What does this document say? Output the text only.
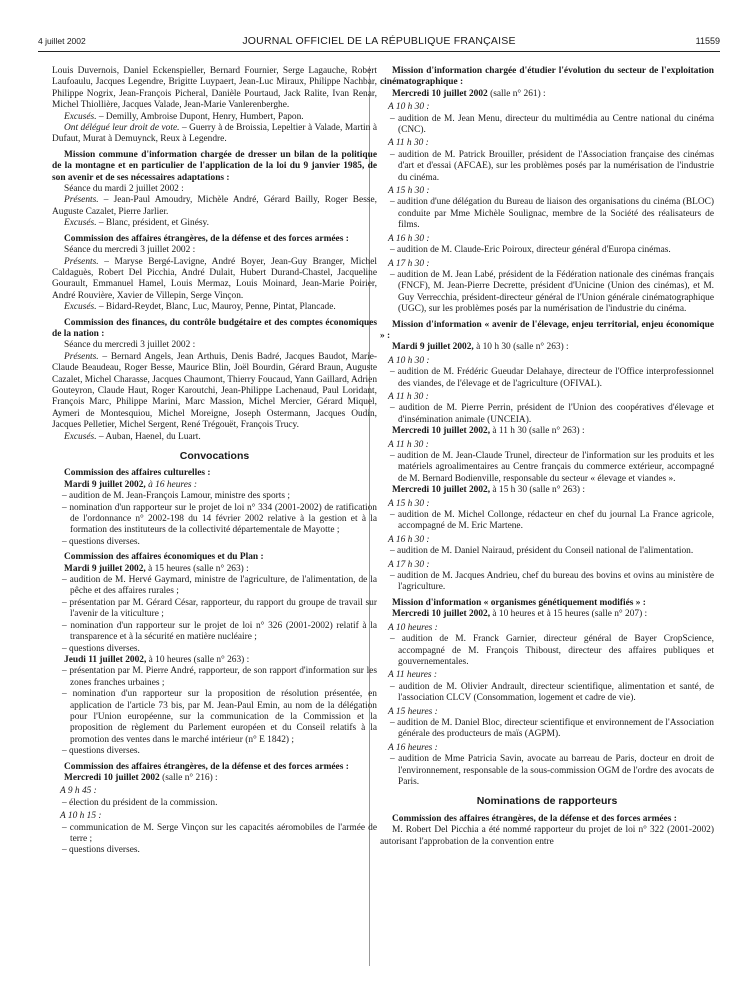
4 juillet 2002	JOURNAL OFFICIEL DE LA RÉPUBLIQUE FRANÇAISE	11559

Louis Duvernois, Daniel Eckenspieller, Bernard Fournier, Serge Lagauche, Robert Laufoaulu, Jacques Legendre, Brigitte Luypaert, Jean-Luc Miraux, Philippe Nachbar, Philippe Nogrix, Jean-François Picheral, Danièle Pourtaud, Jack Ralite, Ivan Renar, Michel Thiollière, Jacques Valade, Jean-Marie Vanlerenberghe.

Excusés. – Demilly, Ambroise Dupont, Henry, Humbert, Papon.

Ont délégué leur droit de vote. – Guerry à de Broissia, Lepeltier à Valade, Martin à Dufaut, Murat à Demuynck, Reux à Legendre.

Mission commune d'information chargée de dresser un bilan de la politique de la montagne et en particulier de l'application de la loi du 9 janvier 1985, de son avenir et de ses nécessaires adaptations :

Séance du mardi 2 juillet 2002 :

Présents. – Jean-Paul Amoudry, Michèle André, Gérard Bailly, Roger Besse, Auguste Cazalet, Pierre Jarlier.

Excusés. – Blanc, président, et Ginésy.

Commission des affaires étrangères, de la défense et des forces armées :

Séance du mercredi 3 juillet 2002 :

Présents. – Maryse Bergé-Lavigne, André Boyer, Jean-Guy Branger, Michel Caldaguès, Robert Del Picchia, André Dulait, Hubert Durand-Chastel, Jacqueline Gourault, Emmanuel Hamel, Louis Mermaz, Louis Moinard, Jean-Marie Poirier, André Rouvière, Xavier de Villepin, Serge Vinçon.

Excusés. – Bidard-Reydet, Blanc, Luc, Mauroy, Penne, Pintat, Plancade.

Commission des finances, du contrôle budgétaire et des comptes économiques de la nation :

Séance du mercredi 3 juillet 2002 :

Présents. – Bernard Angels, Jean Arthuis, Denis Badré, Jacques Baudot, Marie-Claude Beaudeau, Roger Besse, Maurice Blin, Joël Bourdin, Gérard Braun, Auguste Cazalet, Michel Charasse, Jacques Chaumont, Thierry Foucaud, Yann Gaillard, Adrien Gouteyron, Claude Haut, Roger Karoutchi, Jean-Philippe Lachenaud, Paul Loridant, François Marc, Philippe Marini, Marc Massion, Michel Mercier, Gérard Miquel, Aymeri de Montesquiou, Michel Moreigne, Joseph Ostermann, Jacques Oudin, Jacques Pelletier, Michel Sergent, René Trégouët, François Trucy.

Excusés. – Auban, Haenel, du Luart.

Convocations

Commission des affaires culturelles :

Mardi 9 juillet 2002, à 16 heures :

– audition de M. Jean-François Lamour, ministre des sports ;

– nomination d'un rapporteur sur le projet de loi n° 334 (2001-2002) de ratification de l'ordonnance n° 2002-198 du 14 février 2002 relative à la gestion et à la formation des instituteurs de la collectivité départementale de Mayotte ;

– questions diverses.

Commission des affaires économiques et du Plan :

Mardi 9 juillet 2002, à 15 heures (salle n° 263) :

– audition de M. Hervé Gaymard, ministre de l'agriculture, de l'alimentation, de la pêche et des affaires rurales ;

– présentation par M. Gérard César, rapporteur, du rapport du groupe de travail sur l'avenir de la viticulture ;

– nomination d'un rapporteur sur le projet de loi n° 326 (2001-2002) relatif à la transparence et à la sécurité en matière nucléaire ;

– questions diverses.

Jeudi 11 juillet 2002, à 10 heures (salle n° 263) :

– présentation par M. Pierre André, rapporteur, de son rapport d'information sur les zones franches urbaines ;

– nomination d'un rapporteur sur la proposition de résolution présentée, en application de l'article 73 bis, par M. Jean-Paul Emin, au nom de la délégation pour l'Union européenne, sur la communication de la Commission et la proposition de règlement du Parlement européen et du Conseil relatifs à la promotion des ventes dans le marché intérieur (n° E 1842) ;

– questions diverses.

Commission des affaires étrangères, de la défense et des forces armées :

Mercredi 10 juillet 2002 (salle n° 216) :

A 9 h 45 :

– élection du président de la commission.

A 10 h 15 :

– communication de M. Serge Vinçon sur les capacités aéromobiles de l'armée de terre ;

– questions diverses.

Mission d'information chargée d'étudier l'évolution du secteur de l'exploitation cinématographique :

Mercredi 10 juillet 2002 (salle n° 261) :

A 10 h 30 :

– audition de M. Jean Menu, directeur du multimédia au Centre national du cinéma (CNC).

A 11 h 30 :

– audition de M. Patrick Brouiller, président de l'Association française des cinémas d'art et d'essai (AFCAE), sur les problèmes posés par la numérisation de l'industrie du cinéma.

A 15 h 30 :

– audition d'une délégation du Bureau de liaison des organisations du cinéma (BLOC) conduite par Mme Michèle Soulignac, membre de la Société des réalisateurs de films.

A 16 h 30 :

– audition de M. Claude-Eric Poiroux, directeur général d'Europa cinémas.

A 17 h 30 :

– audition de M. Jean Labé, président de la Fédération nationale des cinémas français (FNCF), M. Jean-Pierre Decrette, président d'Unicine (Union des cinémas), et M. Guy Verrecchia, président-directeur général de l'Union générale cinématographique (UGC), sur les problèmes posés par la numérisation de l'industrie du cinéma.

Mission d'information « avenir de l'élevage, enjeu territorial, enjeu économique » :

Mardi 9 juillet 2002, à 10 h 30 (salle n° 263) :

A 10 h 30 :

– audition de M. Frédéric Gueudar Delahaye, directeur de l'Office interprofessionnel des viandes, de l'élevage et de l'agriculture (OFIVAL).

A 11 h 30 :

– audition de M. Pierre Perrin, président de l'Union des coopératives d'élevage et d'insémination animale (UNCEIA).

Mercredi 10 juillet 2002, à 11 h 30 (salle n° 263) :

A 11 h 30 :

– audition de M. Jean-Claude Trunel, directeur de l'information sur les produits et les matériels agroalimentaires au Centre français du commerce extérieur, accompagné de M. Bernard Bodienville, responsable du secteur « élevage et viandes ».

Mercredi 10 juillet 2002, à 15 h 30 (salle n° 263) :

A 15 h 30 :

– audition de M. Michel Collonge, rédacteur en chef du journal La France agricole, accompagné de M. Eric Martene.

A 16 h 30 :

– audition de M. Daniel Nairaud, président du Conseil national de l'alimentation.

A 17 h 30 :

– audition de M. Jacques Andrieu, chef du bureau des bovins et ovins au ministère de l'agriculture.

Mission d'information « organismes génétiquement modifiés » :

Mercredi 10 juillet 2002, à 10 heures et à 15 heures (salle n° 207) :

A 10 heures :

– audition de M. Franck Garnier, directeur général de Bayer CropScience, accompagné de M. François Thiboust, directeur des affaires publiques et gouvernementales.

A 11 heures :

– audition de M. Olivier Andrault, directeur scientifique, alimentation et santé, de l'association CLCV (Consommation, logement et cadre de vie).

A 15 heures :

– audition de M. Daniel Bloc, directeur scientifique et environnement de l'Association générale des producteurs de maïs (AGPM).

A 16 heures :

– audition de Mme Patricia Savin, avocate au barreau de Paris, docteur en droit de l'environnement, responsable de la sous-commission OGM de l'ordre des avocats de Paris.

Nominations de rapporteurs

Commission des affaires étrangères, de la défense et des forces armées :

M. Robert Del Picchia a été nommé rapporteur du projet de loi n° 322 (2001-2002) autorisant l'approbation de la convention entre
